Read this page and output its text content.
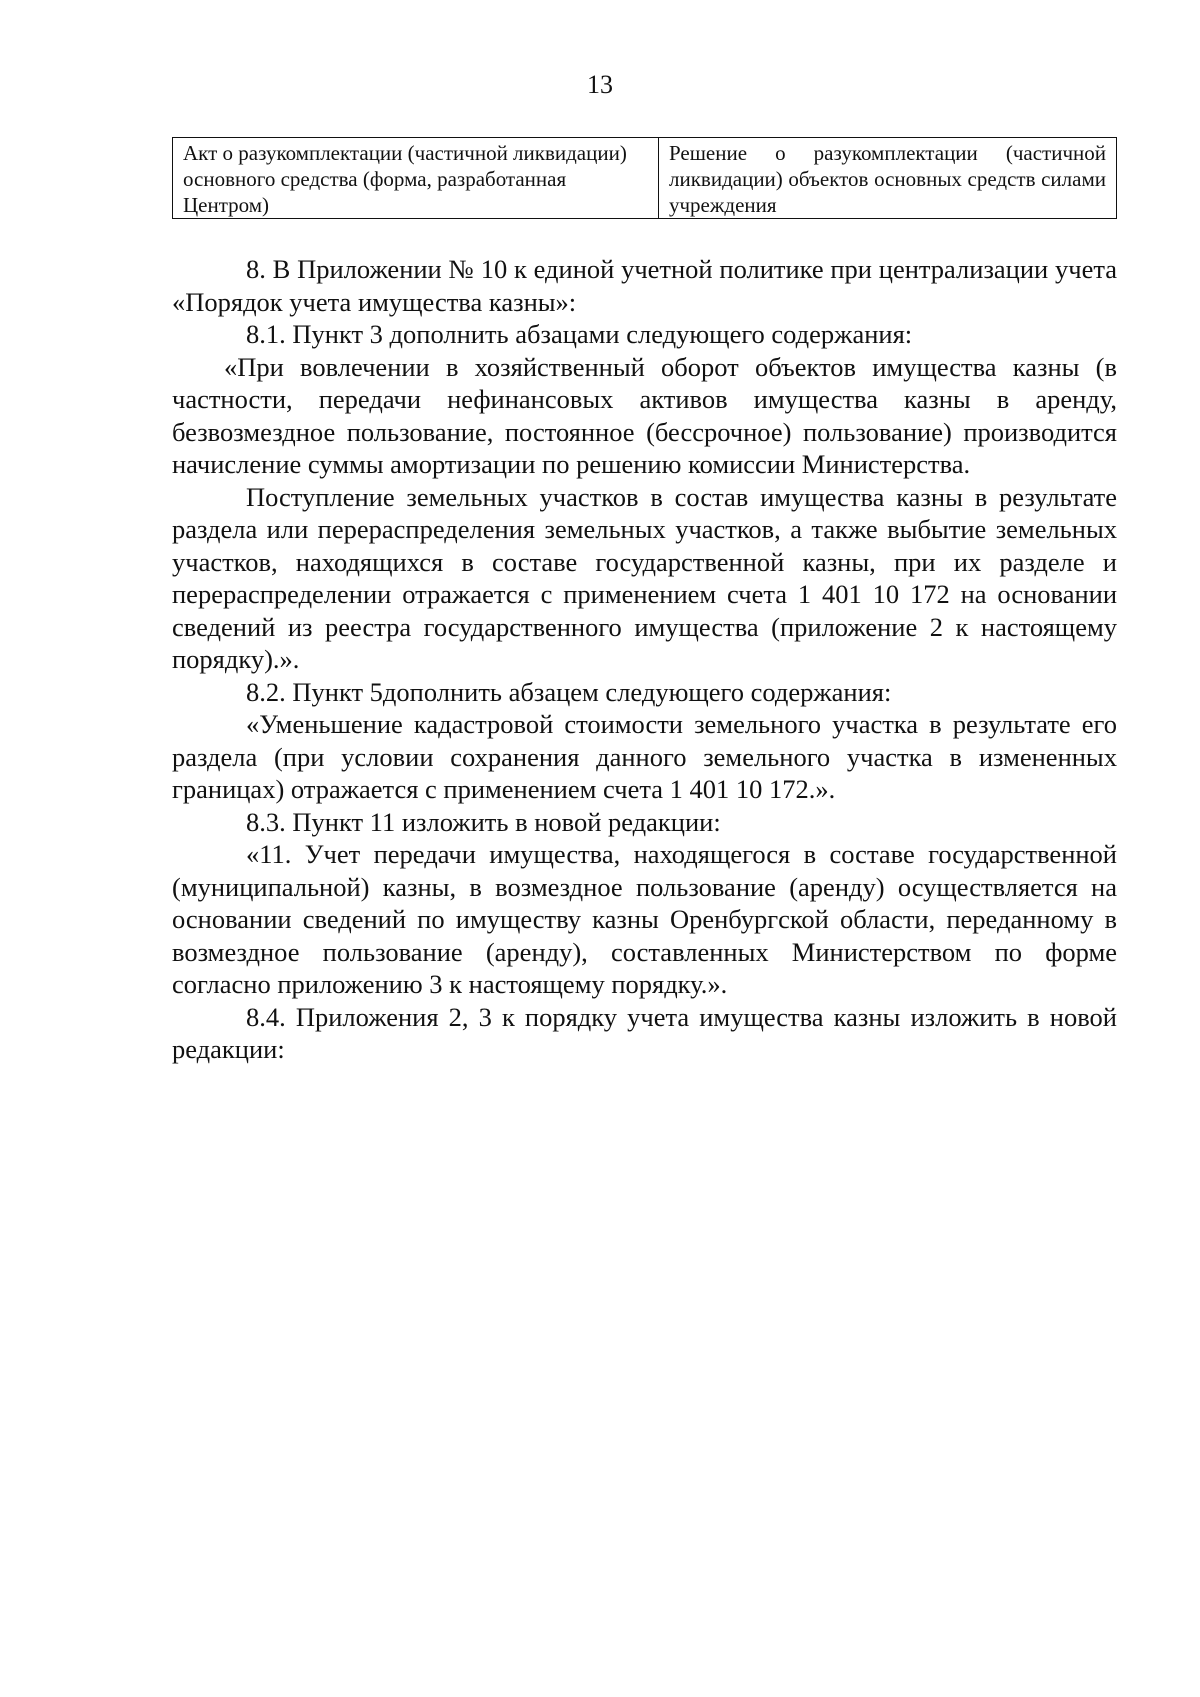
13
Акт о разукомплектации (частичной ликвидации) основного средства (форма, разработанная Центром)	Решение о разукомплектации (частичной ликвидации) объектов основных средств силами учреждения

8. В Приложении № 10 к единой учетной политике при централизации учета «Порядок учета имущества казны»:

8.1. Пункт 3 дополнить абзацами следующего содержания:

«При вовлечении в хозяйственный оборот объектов имущества казны (в частности, передачи нефинансовых активов имущества казны в аренду, безвозмездное пользование, постоянное (бессрочное) пользование) производится начисление суммы амортизации по решению комиссии Министерства.

Поступление земельных участков в состав имущества казны в результате раздела или перераспределения земельных участков, а также выбытие земельных участков, находящихся в составе государственной казны, при их разделе и перераспределении отражается с применением счета 1 401 10 172 на основании сведений из реестра государственного имущества (приложение 2 к настоящему порядку).».

8.2. Пункт 5дополнить абзацем следующего содержания:

«Уменьшение кадастровой стоимости земельного участка в результате его раздела (при условии сохранения данного земельного участка в измененных границах) отражается с применением счета 1 401 10 172.».

8.3. Пункт 11 изложить в новой редакции:

«11. Учет передачи имущества, находящегося в составе государственной (муниципальной) казны, в возмездное пользование (аренду) осуществляется на основании сведений по имуществу казны Оренбургской области, переданному в возмездное пользование (аренду), составленных Министерством по форме согласно приложению 3 к настоящему порядку.».

8.4. Приложения 2, 3 к порядку учета имущества казны изложить в новой редакции:
